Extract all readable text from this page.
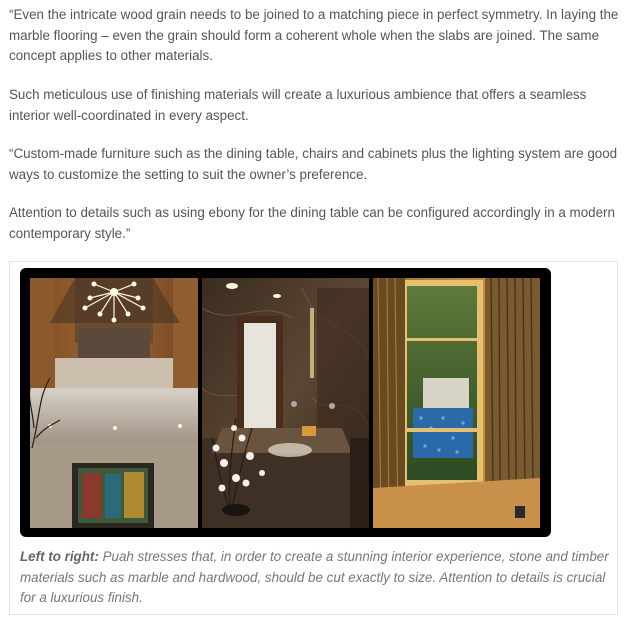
“Even the intricate wood grain needs to be joined to a matching piece in perfect symmetry. In laying the marble flooring – even the grain should form a coherent whole when the slabs are joined. The same concept applies to other materials.

Such meticulous use of finishing materials will create a luxurious ambience that offers a seamless interior well-coordinated in every aspect.

“Custom-made furniture such as the dining table, chairs and cabinets plus the lighting system are good ways to customize the setting to suit the owner’s preference.

Attention to details such as using ebony for the dining table can be configured accordingly in a modern contemporary style.”

Left to right: Puah stresses that, in order to create a stunning interior experience, stone and timber materials such as marble and hardwood, should be cut exactly to size. Attention to details is crucial for a luxurious finish.
